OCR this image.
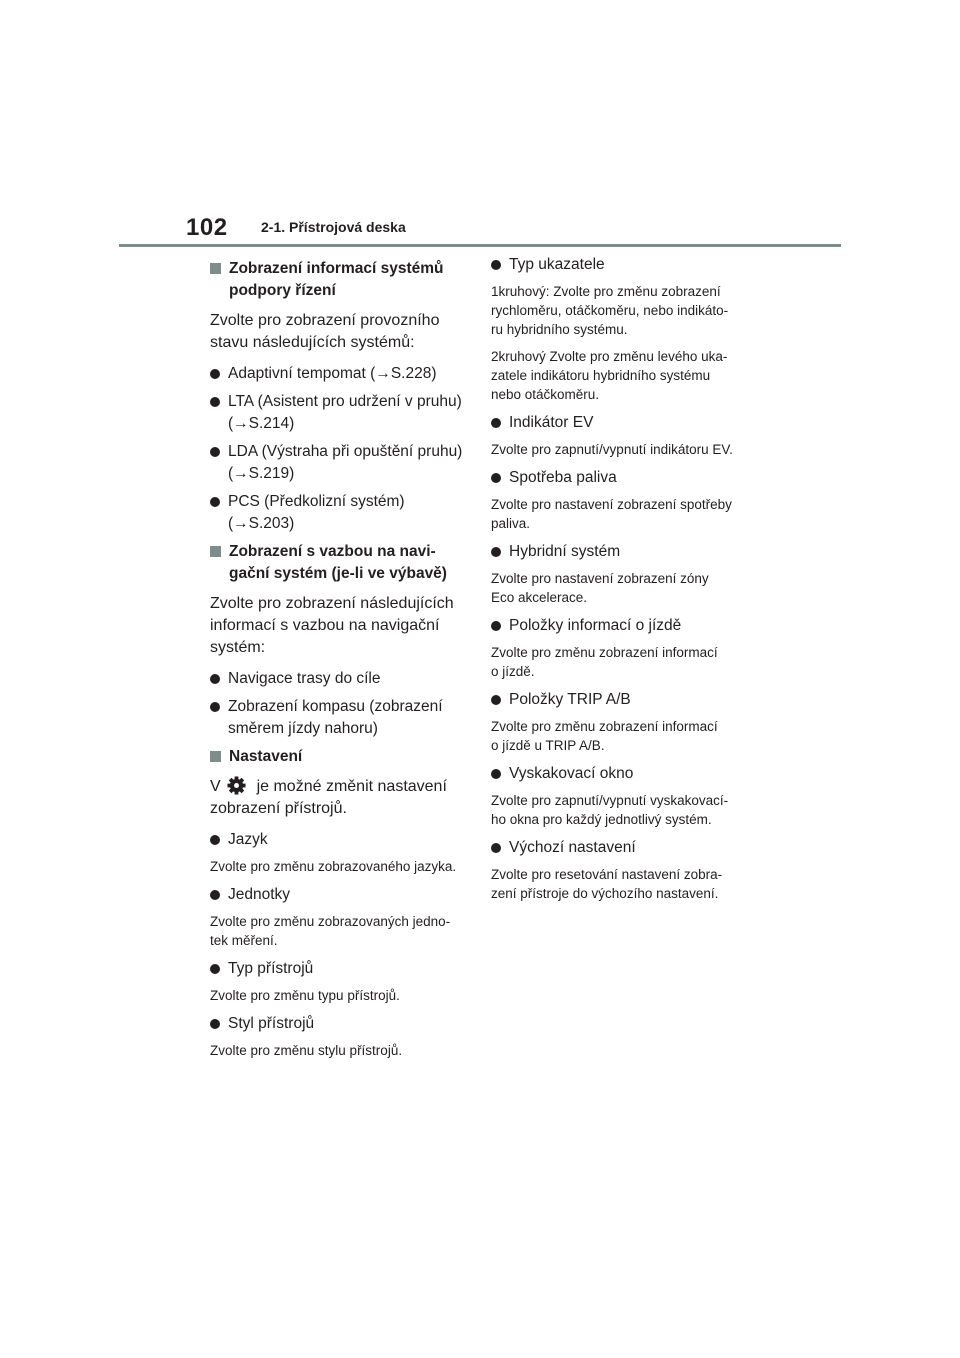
102 2-1. Přístrojová deska
Zobrazení informací systémů
podpory řízení
Zvolte pro zobrazení provozního
stavu následujících systémů:
Adaptivní tempomat (→S.228)
LTA (Asistent pro udržení v pruhu)
(→S.214)
LDA (Výstraha při opuštění pruhu)
(→S.219)
PCS (Předkolizní systém)
(→S.203)
Zobrazení s vazbou na navi-
gační systém (je-li ve výbavě)
Zvolte pro zobrazení následujících
informací s vazbou na navigační
systém:
Navigace trasy do cíle
Zobrazení kompasu (zobrazení
směrem jízdy nahoru)
Nastavení
V je možné změnit nastavení
zobrazení přístrojů.
Jazyk
Zvolte pro změnu zobrazovaného jazyka.
Jednotky
Zvolte pro změnu zobrazovaných jedno-
tek měření.
Typ přístrojů
Zvolte pro změnu typu přístrojů.
Styl přístrojů
Zvolte pro změnu stylu přístrojů.
Typ ukazatele
1kruhový: Zvolte pro změnu zobrazení
rychloměru, otáčkoměru, nebo indikáto-
ru hybridního systému.
2kruhový Zvolte pro změnu levého uka-
zatele indikátoru hybridního systému
nebo otáčkoměru.
Indikátor EV
Zvolte pro zapnutí/vypnutí indikátoru EV.
Spotřeba paliva
Zvolte pro nastavení zobrazení spotřeby
paliva.
Hybridní systém
Zvolte pro nastavení zobrazení zóny
Eco akcelerace.
Položky informací o jízdě
Zvolte pro změnu zobrazení informací
o jízdě.
Položky TRIP A/B
Zvolte pro změnu zobrazení informací
o jízdě u TRIP A/B.
Vyskakovací okno
Zvolte pro zapnutí/vypnutí vyskakovací-
ho okna pro každý jednotlivý systém.
Výchozí nastavení
Zvolte pro resetování nastavení zobra-
zení přístroje do výchozího nastavení.
